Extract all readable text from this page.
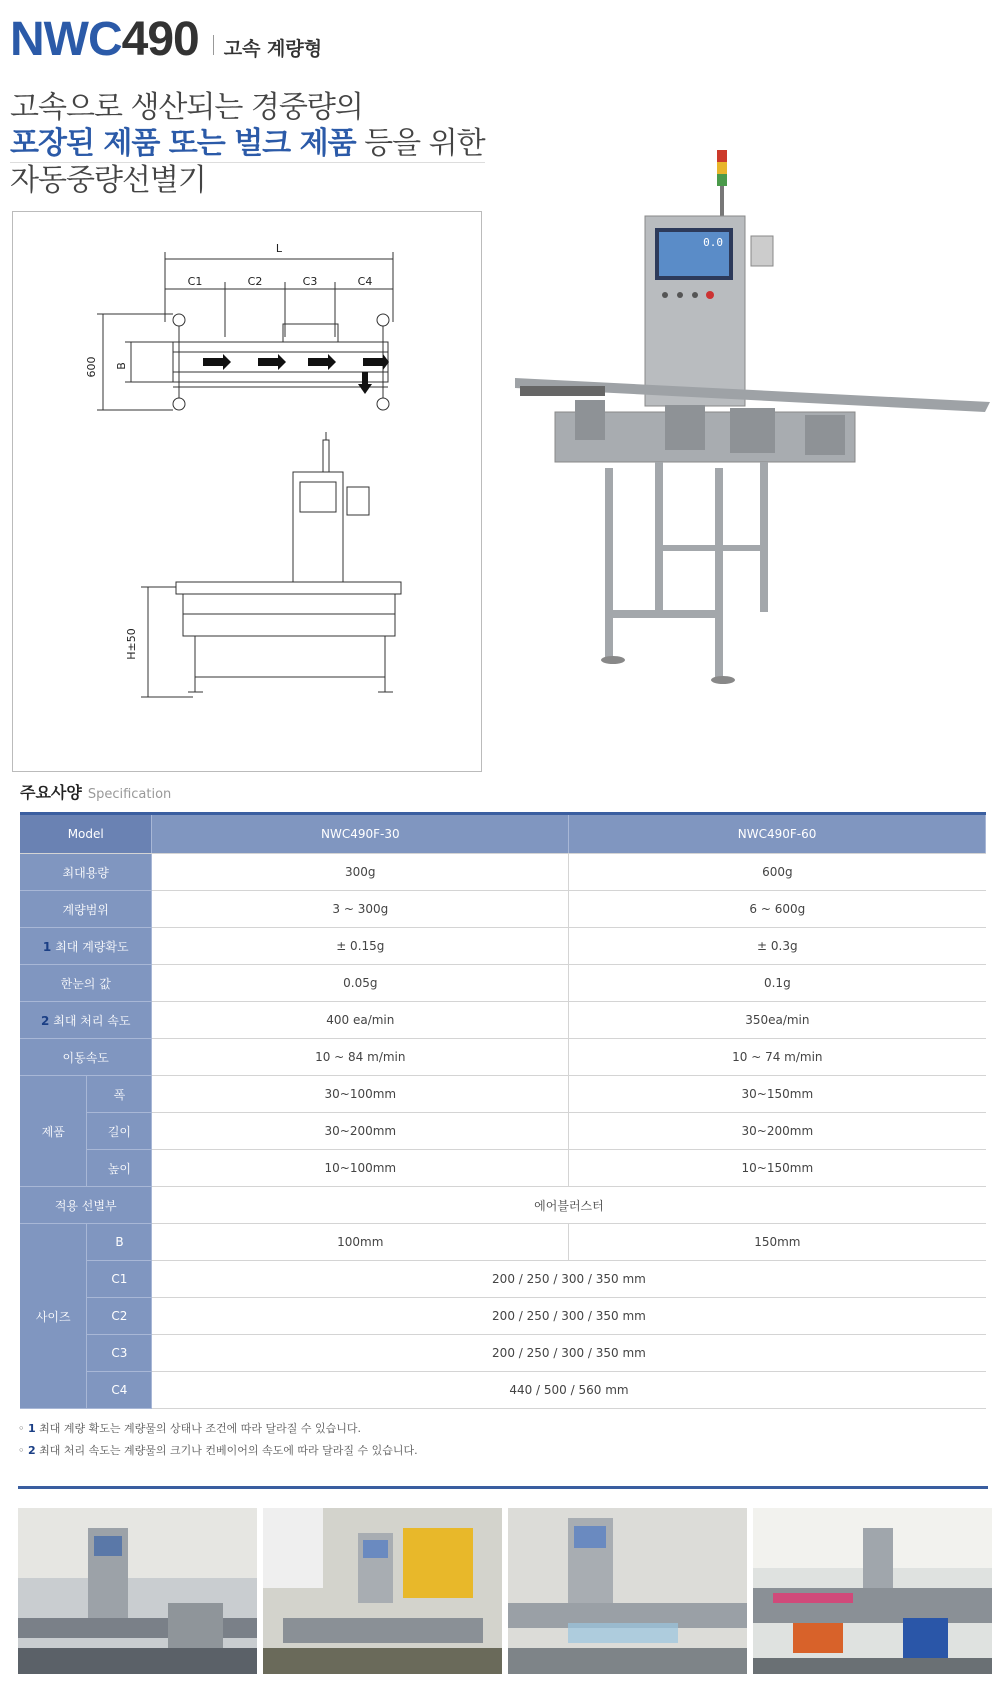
NWC490 고속 계량형
고속으로 생산되는 경중량의
포장된 제품 또는 벌크 제품 등을 위한
자동중량선별기
L
C1	C2	C3	C4
600 B
H±50
0.0
주요사양 Specification
Model		NWC490F-30	NWC490F-60
최대용량		300g	600g
계량범위		3 ~ 300g	6 ~ 600g
1 최대 계량확도		± 0.15g	± 0.3g
한눈의 값		0.05g	0.1g
2 최대 처리 속도		400 ea/min	350ea/min
이동속도		10 ~ 84 m/min	10 ~ 74 m/min
제품	폭	30~100mm	30~150mm
	길이	30~200mm	30~200mm
	높이	10~100mm	10~150mm
적용 선별부		에어블러스터	
사이즈	B	100mm	150mm
	C1	200 / 250 / 300 / 350 mm	
	C2	200 / 250 / 300 / 350 mm	
	C3	200 / 250 / 300 / 350 mm	
	C4	440 / 500 / 560 mm	
◦ 1 최대 계량 확도는 계량물의 상태나 조건에 따라 달라질 수 있습니다.
◦ 2 최대 처리 속도는 계량물의 크기나 컨베이어의 속도에 따라 달라질 수 있습니다.
